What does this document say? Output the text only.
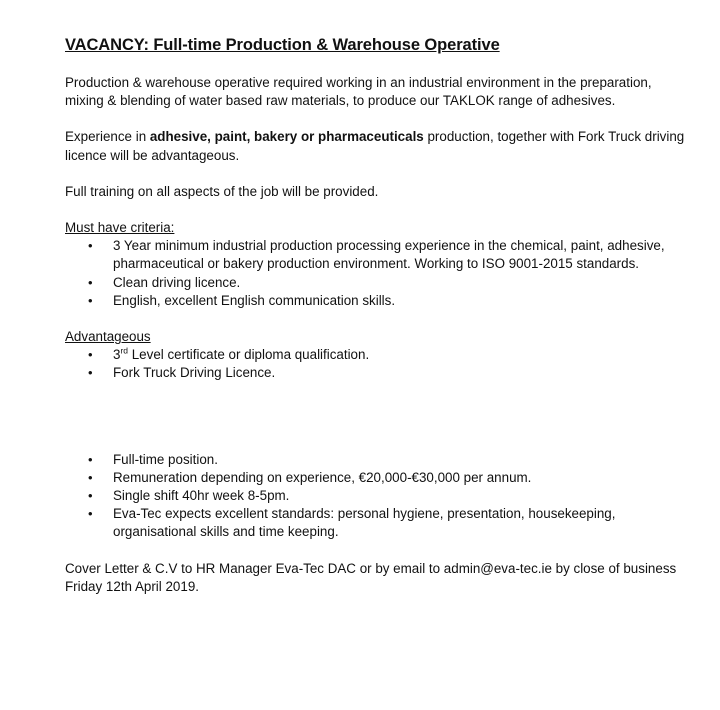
VACANCY: Full-time Production & Warehouse Operative

Production & warehouse operative required working in an industrial environment in the preparation, mixing & blending of water based raw materials, to produce our TAKLOK range of adhesives.

Experience in adhesive, paint, bakery or pharmaceuticals production, together with Fork Truck driving licence will be advantageous.

Full training on all aspects of the job will be provided.

Must have criteria:

• 3 Year minimum industrial production processing experience in the chemical, paint, adhesive, pharmaceutical or bakery production environment. Working to ISO 9001-2015 standards.
• Clean driving licence.
• English, excellent English communication skills.

Advantageous

• 3rd Level certificate or diploma qualification.
• Fork Truck Driving Licence.
• Full-time position.
• Remuneration depending on experience, €20,000-€30,000 per annum.
• Single shift 40hr week 8-5pm.
• Eva-Tec expects excellent standards: personal hygiene, presentation, housekeeping, organisational skills and time keeping.

Cover Letter & C.V to HR Manager Eva-Tec DAC or by email to admin@eva-tec.ie by close of business Friday 12th April 2019.
